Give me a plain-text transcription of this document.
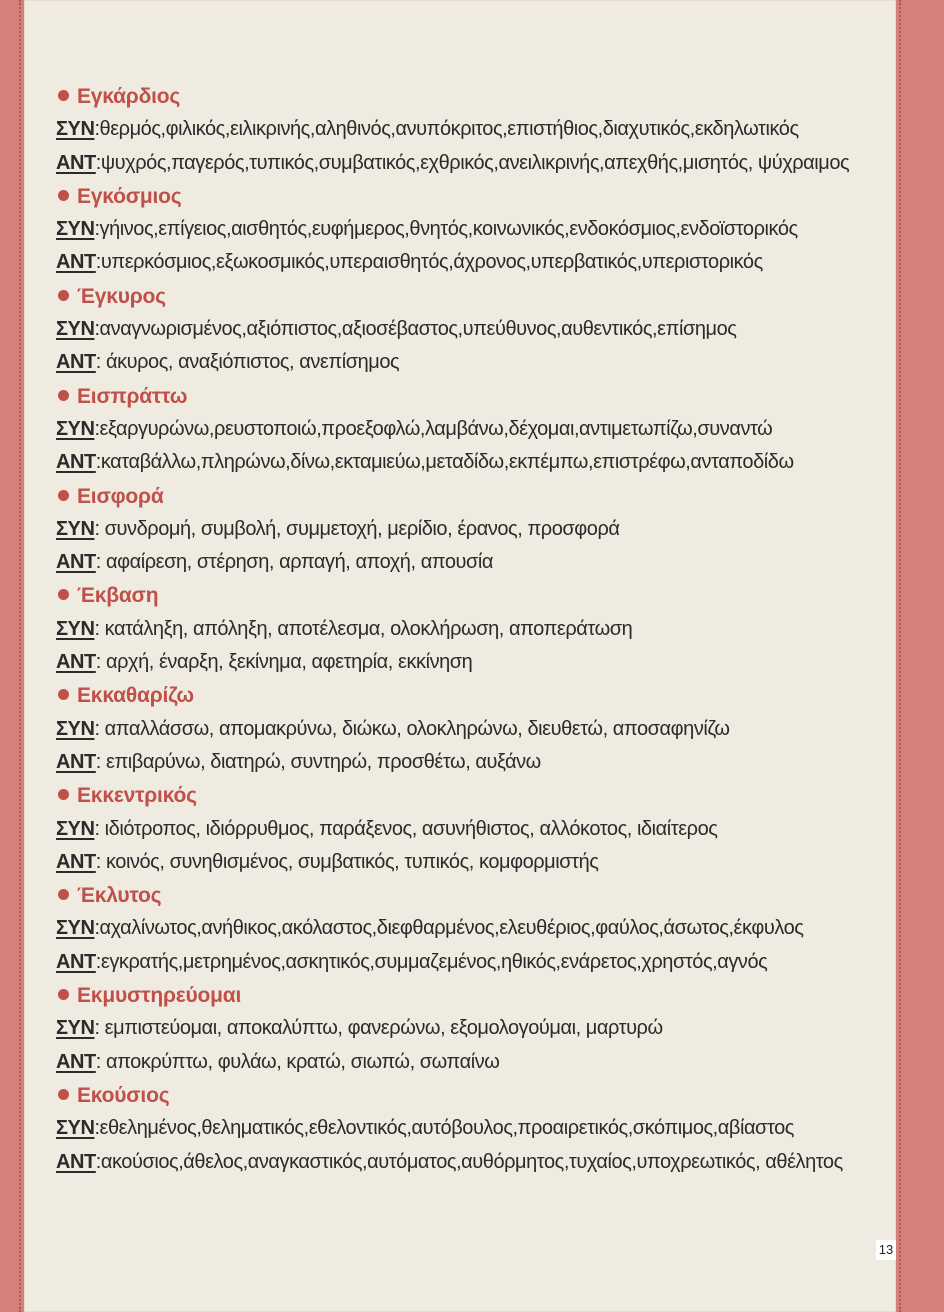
Εγκάρδιος
ΣΥΝ:θερμός,φιλικός,ειλικρινής,αληθινός,ανυπόκριτος,επιστήθιος,διαχυτικός,εκδηλωτικός
ΑΝΤ:ψυχρός,παγερός,τυπικός,συμβατικός,εχθρικός,ανειλικρινής,απεχθής,μισητός, ψύχραιμος
Εγκόσμιος
ΣΥΝ:γήινος,επίγειος,αισθητός,ευφήμερος,θνητός,κοινωνικός,ενδοκόσμιος,ενδοϊστορικός
ΑΝΤ:υπερκόσμιος,εξωκοσμικός,υπεραισθητός,άχρονος,υπερβατικός,υπεριστορικός
Έγκυρος
ΣΥΝ:αναγνωρισμένος,αξιόπιστος,αξιοσέβαστος,υπεύθυνος,αυθεντικός,επίσημος
ΑΝΤ: άκυρος, αναξιόπιστος, ανεπίσημος
Εισπράττω
ΣΥΝ:εξαργυρώνω,ρευστοποιώ,προεξοφλώ,λαμβάνω,δέχομαι,αντιμετωπίζω,συναντώ
ΑΝΤ:καταβάλλω,πληρώνω,δίνω,εκταμιεύω,μεταδίδω,εκπέμπω,επιστρέφω,ανταποδίδω
Εισφορά
ΣΥΝ: συνδρομή, συμβολή, συμμετοχή, μερίδιο, έρανος, προσφορά
ΑΝΤ: αφαίρεση, στέρηση, αρπαγή, αποχή, απουσία
Έκβαση
ΣΥΝ: κατάληξη, απόληξη, αποτέλεσμα, ολοκλήρωση, αποπεράτωση
ΑΝΤ: αρχή, έναρξη, ξεκίνημα, αφετηρία, εκκίνηση
Εκκαθαρίζω
ΣΥΝ: απαλλάσσω, απομακρύνω, διώκω, ολοκληρώνω, διευθετώ, αποσαφηνίζω
ΑΝΤ: επιβαρύνω, διατηρώ, συντηρώ, προσθέτω, αυξάνω
Εκκεντρικός
ΣΥΝ: ιδιότροπος, ιδιόρρυθμος, παράξενος, ασυνήθιστος, αλλόκοτος, ιδιαίτερος
ΑΝΤ: κοινός, συνηθισμένος, συμβατικός, τυπικός, κομφορμιστής
Έκλυτος
ΣΥΝ:αχαλίνωτος,ανήθικος,ακόλαστος,διεφθαρμένος,ελευθέριος,φαύλος,άσωτος,έκφυλος
ΑΝΤ:εγκρατής,μετρημένος,ασκητικός,συμμαζεμένος,ηθικός,ενάρετος,χρηστός,αγνός
Εκμυστηρεύομαι
ΣΥΝ: εμπιστεύομαι, αποκαλύπτω, φανερώνω, εξομολογούμαι, μαρτυρώ
ΑΝΤ: αποκρύπτω, φυλάω, κρατώ, σιωπώ, σωπαίνω
Εκούσιος
ΣΥΝ:εθελημένος,θεληματικός,εθελοντικός,αυτόβουλος,προαιρετικός,σκόπιμος,αβίαστος
ΑΝΤ:ακούσιος,άθελος,αναγκαστικός,αυτόματος,αυθόρμητος,τυχαίος,υποχρεωτικός, αθέλητος
13
